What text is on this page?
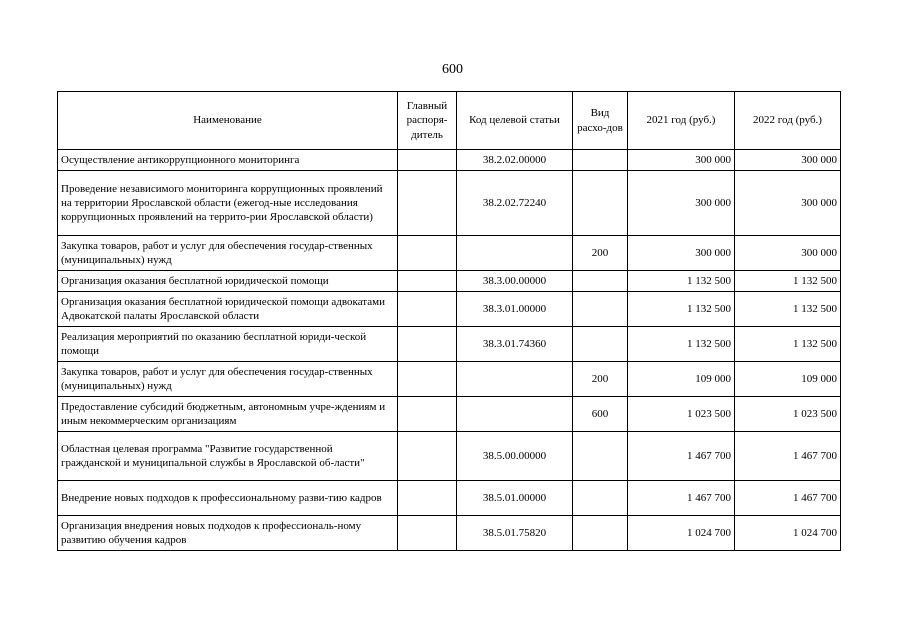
600
Наименование	Главный распоря-дитель	Код целевой статьи	Вид расхо-дов	2021 год (руб.)	2022 год (руб.)
Осуществление антикоррупционного мониторинга		38.2.02.00000		300 000	300 000
Проведение независимого мониторинга коррупционных проявлений на территории Ярославской области (ежегод-ные исследования коррупционных проявлений на террито-рии Ярославской области)		38.2.02.72240		300 000	300 000
Закупка товаров, работ и услуг для обеспечения государ-ственных (муниципальных) нужд			200	300 000	300 000
Организация оказания бесплатной юридической помощи		38.3.00.00000		1 132 500	1 132 500
Организация оказания бесплатной юридической помощи адвокатами Адвокатской палаты Ярославской области		38.3.01.00000		1 132 500	1 132 500
Реализация мероприятий по оказанию бесплатной юриди-ческой помощи		38.3.01.74360		1 132 500	1 132 500
Закупка товаров, работ и услуг для обеспечения государ-ственных (муниципальных) нужд			200	109 000	109 000
Предоставление субсидий бюджетным, автономным учре-ждениям и иным некоммерческим организациям			600	1 023 500	1 023 500
Областная целевая программа "Развитие государственной гражданской и муниципальной службы в Ярославской об-ласти"		38.5.00.00000		1 467 700	1 467 700
Внедрение новых подходов к профессиональному разви-тию кадров		38.5.01.00000		1 467 700	1 467 700
Организация внедрения новых подходов к профессиональ-ному развитию обучения кадров		38.5.01.75820		1 024 700	1 024 700
